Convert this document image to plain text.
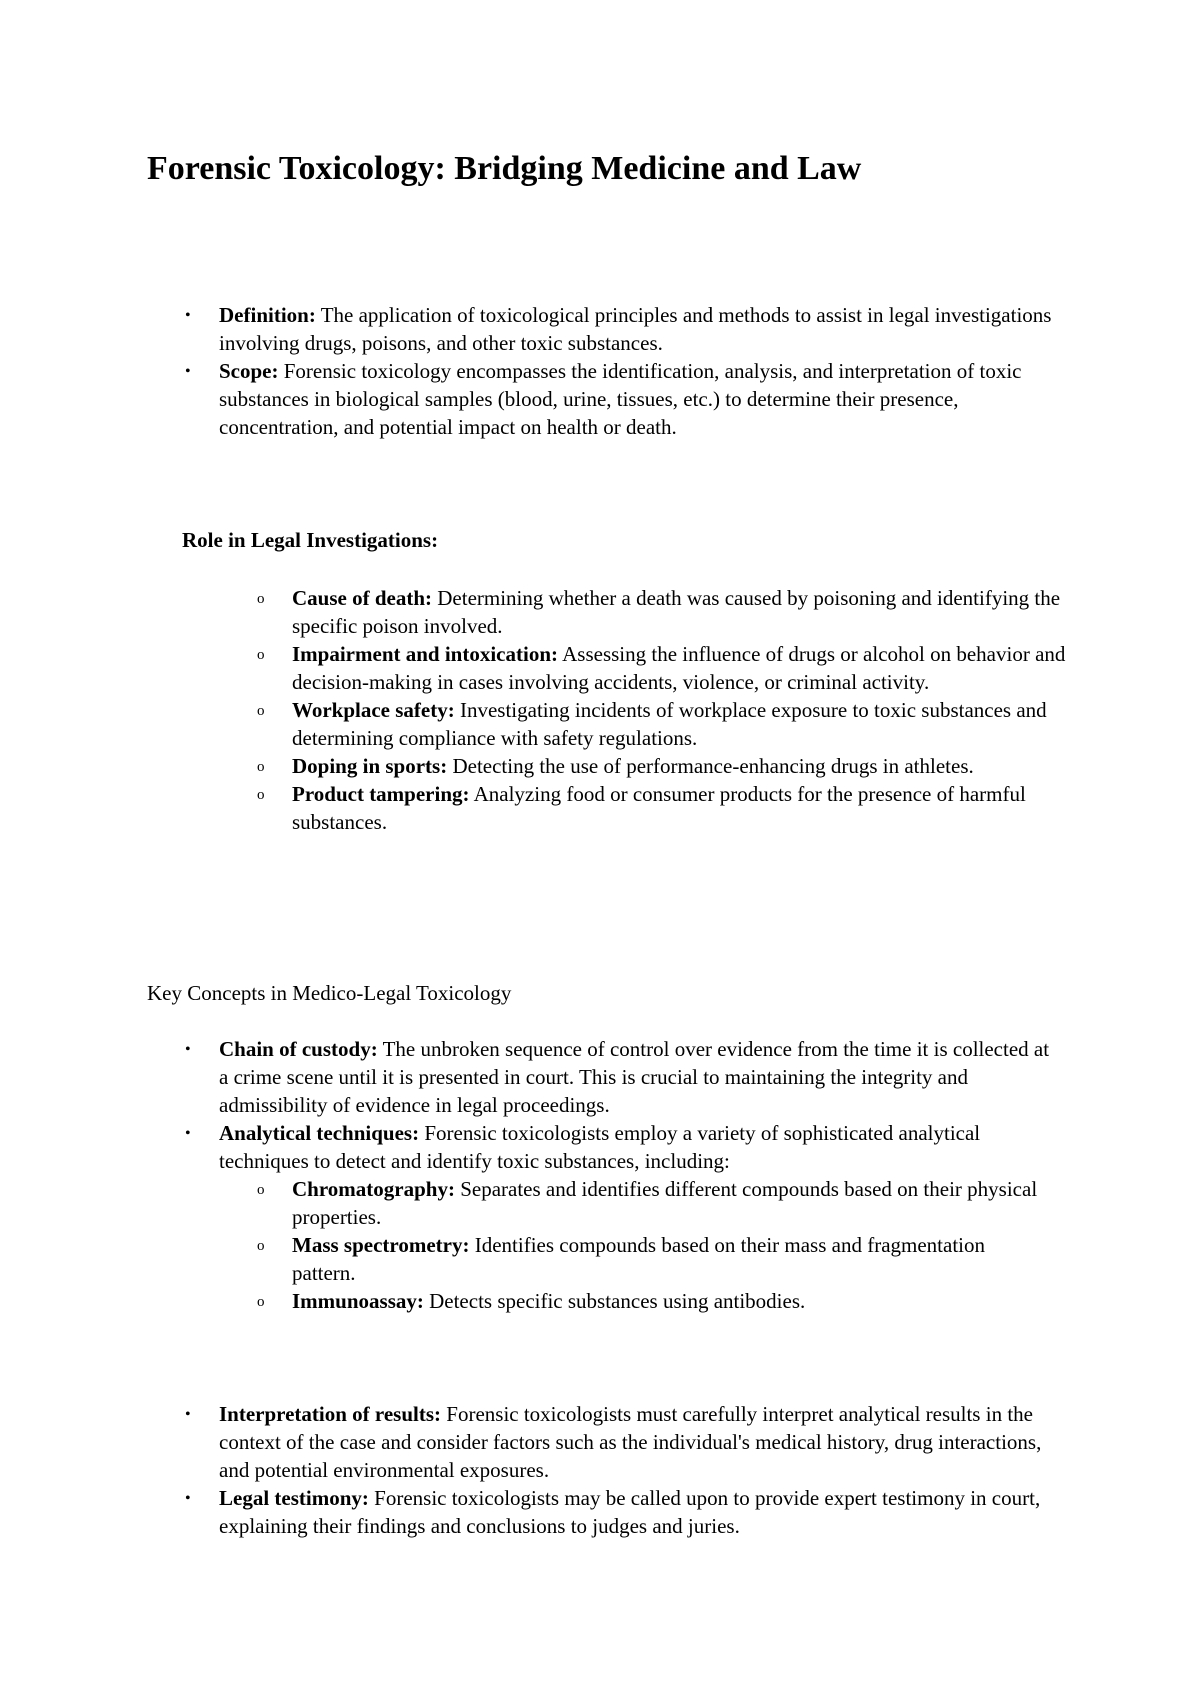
Forensic Toxicology: Bridging Medicine and Law
• Definition: The application of toxicological principles and methods to assist in legal investigations involving drugs, poisons, and other toxic substances.
• Scope: Forensic toxicology encompasses the identification, analysis, and interpretation of toxic substances in biological samples (blood, urine, tissues, etc.) to determine their presence, concentration, and potential impact on health or death.
Role in Legal Investigations:
o Cause of death: Determining whether a death was caused by poisoning and identifying the specific poison involved.
o Impairment and intoxication: Assessing the influence of drugs or alcohol on behavior and decision-making in cases involving accidents, violence, or criminal activity.
o Workplace safety: Investigating incidents of workplace exposure to toxic substances and determining compliance with safety regulations.
o Doping in sports: Detecting the use of performance-enhancing drugs in athletes.
o Product tampering: Analyzing food or consumer products for the presence of harmful substances.
Key Concepts in Medico-Legal Toxicology
• Chain of custody: The unbroken sequence of control over evidence from the time it is collected at a crime scene until it is presented in court. This is crucial to maintaining the integrity and admissibility of evidence in legal proceedings.
• Analytical techniques: Forensic toxicologists employ a variety of sophisticated analytical techniques to detect and identify toxic substances, including:
o Chromatography: Separates and identifies different compounds based on their physical properties.
o Mass spectrometry: Identifies compounds based on their mass and fragmentation pattern.
o Immunoassay: Detects specific substances using antibodies.
• Interpretation of results: Forensic toxicologists must carefully interpret analytical results in the context of the case and consider factors such as the individual's medical history, drug interactions, and potential environmental exposures.
• Legal testimony: Forensic toxicologists may be called upon to provide expert testimony in court, explaining their findings and conclusions to judges and juries.
